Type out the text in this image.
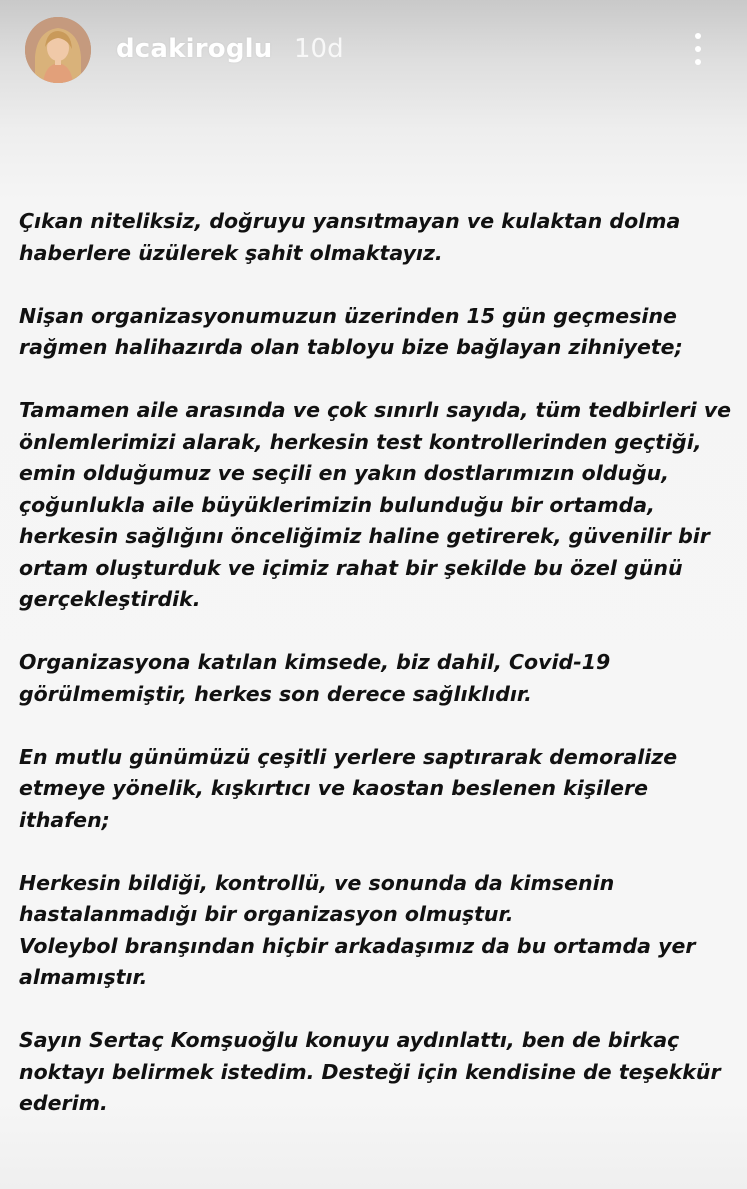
dcakiroglu 10d

Çıkan niteliksiz, doğruyu yansıtmayan ve kulaktan dolma
haberlere üzülerek şahit olmaktayız.

Nişan organizasyonumuzun üzerinden 15 gün geçmesine
rağmen halihazırda olan tabloyu bize bağlayan zihniyete;

Tamamen aile arasında ve çok sınırlı sayıda, tüm tedbirleri ve
önlemlerimizi alarak, herkesin test kontrollerinden geçtiği,
emin olduğumuz ve seçili en yakın dostlarımızın olduğu,
çoğunlukla aile büyüklerimizin bulunduğu bir ortamda,
herkesin sağlığını önceliğimiz haline getirerek, güvenilir bir
ortam oluşturduk ve içimiz rahat bir şekilde bu özel günü
gerçekleştirdik.

Organizasyona katılan kimsede, biz dahil, Covid-19
görülmemiştir, herkes son derece sağlıklıdır.

En mutlu günümüzü çeşitli yerlere saptırarak demoralize
etmeye yönelik, kışkırtıcı ve kaostan beslenen kişilere
ithafen;

Herkesin bildiği, kontrollü, ve sonunda da kimsenin
hastalanmadığı bir organizasyon olmuştur.
Voleybol branşından hiçbir arkadaşımız da bu ortamda yer
almamıştır.

Sayın Sertaç Komşuoğlu konuyu aydınlattı, ben de birkaç
noktayı belirmek istedim. Desteği için kendisine de teşekkür
ederim.
